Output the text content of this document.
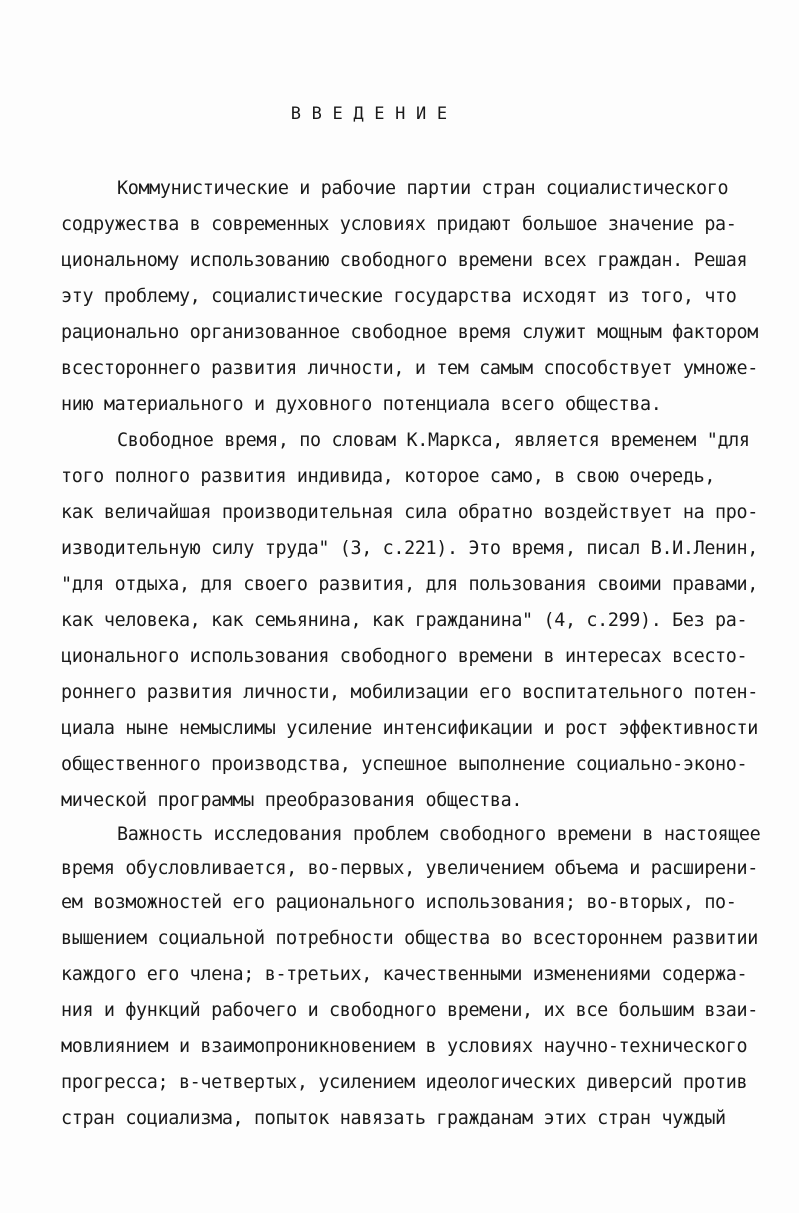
В В Е Д Е Н И Е
Коммунистические и рабочие партии стран социалистического
содружества в современных условиях придают большое значение ра-
циональному использованию свободного времени всех граждан. Решая
эту проблему, социалистические государства исходят из того, что
рационально организованное свободное время служит мощным фактором
всестороннего развития личности, и тем самым способствует умноже-
нию материального и духовного потенциала всего общества.
Свободное время, по словам К.Маркса, является временем "для
того полного развития индивида, которое само, в свою очередь,
как величайшая производительная сила обратно воздействует на про-
изводительную силу труда" (3, с.221). Это время, писал В.И.Ленин,
"для отдыха, для своего развития, для пользования своими правами,
как человека, как семьянина, как гражданина" (4, с.299). Без ра-
ционального использования свободного времени в интересах всесто-
роннего развития личности, мобилизации его воспитательного потен-
циала ныне немыслимы усиление интенсификации и рост эффективности
общественного производства, успешное выполнение социально-эконо-
мической программы преобразования общества.
Важность исследования проблем свободного времени в настоящее
время обусловливается, во-первых, увеличением объема и расширени-
ем возможностей его рационального использования; во-вторых, по-
вышением социальной потребности общества во всестороннем развитии
каждого его члена; в-третьих, качественными изменениями содержа-
ния и функций рабочего и свободного времени, их все большим взаи-
мовлиянием и взаимопроникновением в условиях научно-технического
прогресса; в-четвертых, усилением идеологических диверсий против
стран социализма, попыток навязать гражданам этих стран чуждый
